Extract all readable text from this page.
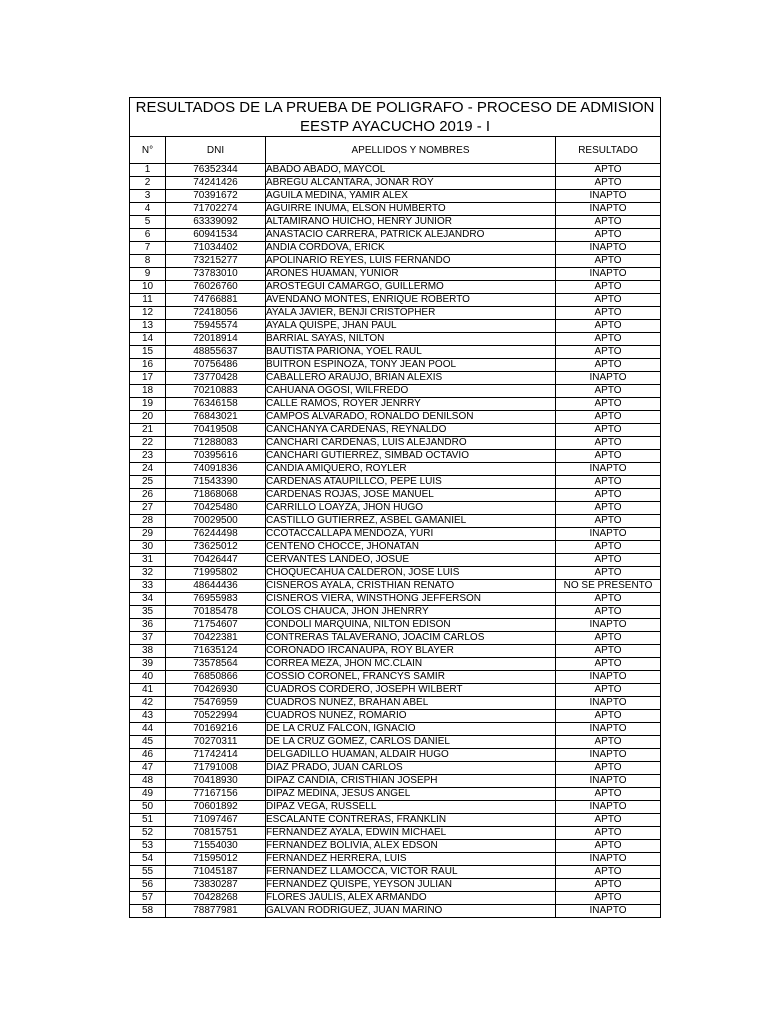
RESULTADOS DE LA PRUEBA DE POLIGRAFO - PROCESO DE ADMISION
EESTP AYACUCHO 2019 - I			

N°	DNI	APELLIDOS Y NOMBRES	RESULTADO
1	76352344	ABADO ABADO, MAYCOL	APTO
2	74241426	ABREGU ALCANTARA, JONAR ROY	APTO
3	70391672	AGUILA MEDINA, YAMIR ALEX	INAPTO
4	71702274	AGUIRRE INUMA, ELSON HUMBERTO	INAPTO
5	63339092	ALTAMIRANO HUICHO, HENRY JUNIOR	APTO
6	60941534	ANASTACIO CARRERA, PATRICK ALEJANDRO	APTO
7	71034402	ANDIA CORDOVA, ERICK	INAPTO
8	73215277	APOLINARIO REYES, LUIS FERNANDO	APTO
9	73783010	ARONES HUAMAN, YUNIOR	INAPTO
10	76026760	AROSTEGUI CAMARGO, GUILLERMO	APTO
11	74766881	AVENDANO MONTES, ENRIQUE ROBERTO	APTO
12	72418056	AYALA JAVIER, BENJI CRISTOPHER	APTO
13	75945574	AYALA QUISPE, JHAN PAUL	APTO
14	72018914	BARRIAL SAYAS, NILTON	APTO
15	48855637	BAUTISTA PARIONA, YOEL RAUL	APTO
16	70756486	BUITRON ESPINOZA, TONY JEAN POOL	APTO
17	73770428	CABALLERO ARAUJO, BRIAN ALEXIS	INAPTO
18	70210883	CAHUANA OGOSI, WILFREDO	APTO
19	76346158	CALLE RAMOS, ROYER JENRRY	APTO
20	76843021	CAMPOS ALVARADO, RONALDO DENILSON	APTO
21	70419508	CANCHANYA CARDENAS, REYNALDO	APTO
22	71288083	CANCHARI CARDENAS, LUIS ALEJANDRO	APTO
23	70395616	CANCHARI GUTIERREZ, SIMBAD OCTAVIO	APTO
24	74091836	CANDIA AMIQUERO, ROYLER	INAPTO
25	71543390	CARDENAS ATAUPILLCO, PEPE LUIS	APTO
26	71868068	CARDENAS ROJAS, JOSE MANUEL	APTO
27	70425480	CARRILLO LOAYZA, JHON HUGO	APTO
28	70029500	CASTILLO GUTIERREZ, ASBEL GAMANIEL	APTO
29	76244498	CCOTACCALLAPA MENDOZA, YURI	INAPTO
30	73625012	CENTENO CHOCCE, JHONATAN	APTO
31	70426447	CERVANTES LANDEO, JOSUE	APTO
32	71995802	CHOQUECAHUA CALDERON, JOSE LUIS	APTO
33	48644436	CISNEROS AYALA, CRISTHIAN RENATO	NO SE PRESENTO
34	76955983	CISNEROS VIERA, WINSTHONG JEFFERSON	APTO
35	70185478	COLOS CHAUCA, JHON JHENRRY	APTO
36	71754607	CONDOLI MARQUINA, NILTON EDISON	INAPTO
37	70422381	CONTRERAS TALAVERANO, JOACIM CARLOS	APTO
38	71635124	CORONADO IRCANAUPA, ROY BLAYER	APTO
39	73578564	CORREA MEZA, JHON MC.CLAIN	APTO
40	76850866	COSSIO CORONEL, FRANCYS SAMIR	INAPTO
41	70426930	CUADROS CORDERO, JOSEPH WILBERT	APTO
42	75476959	CUADROS NUNEZ, BRAHAN ABEL	INAPTO
43	70522994	CUADROS NUNEZ, ROMARIO	APTO
44	70169216	DE LA CRUZ FALCON, IGNACIO	INAPTO
45	70270311	DE LA CRUZ GOMEZ, CARLOS DANIEL	APTO
46	71742414	DELGADILLO HUAMAN, ALDAIR HUGO	INAPTO
47	71791008	DIAZ PRADO, JUAN CARLOS	APTO
48	70418930	DIPAZ CANDIA, CRISTHIAN JOSEPH	INAPTO
49	77167156	DIPAZ MEDINA, JESUS ANGEL	APTO
50	70601892	DIPAZ VEGA, RUSSELL	INAPTO
51	71097467	ESCALANTE CONTRERAS, FRANKLIN	APTO
52	70815751	FERNANDEZ AYALA, EDWIN MICHAEL	APTO
53	71554030	FERNANDEZ BOLIVIA, ALEX EDSON	APTO
54	71595012	FERNANDEZ HERRERA, LUIS	INAPTO
55	71045187	FERNANDEZ LLAMOCCA, VICTOR RAUL	APTO
56	73830287	FERNANDEZ QUISPE, YEYSON JULIAN	APTO
57	70428268	FLORES JAULIS, ALEX ARMANDO	APTO
58	78877981	GALVAN RODRIGUEZ, JUAN MARINO	INAPTO
